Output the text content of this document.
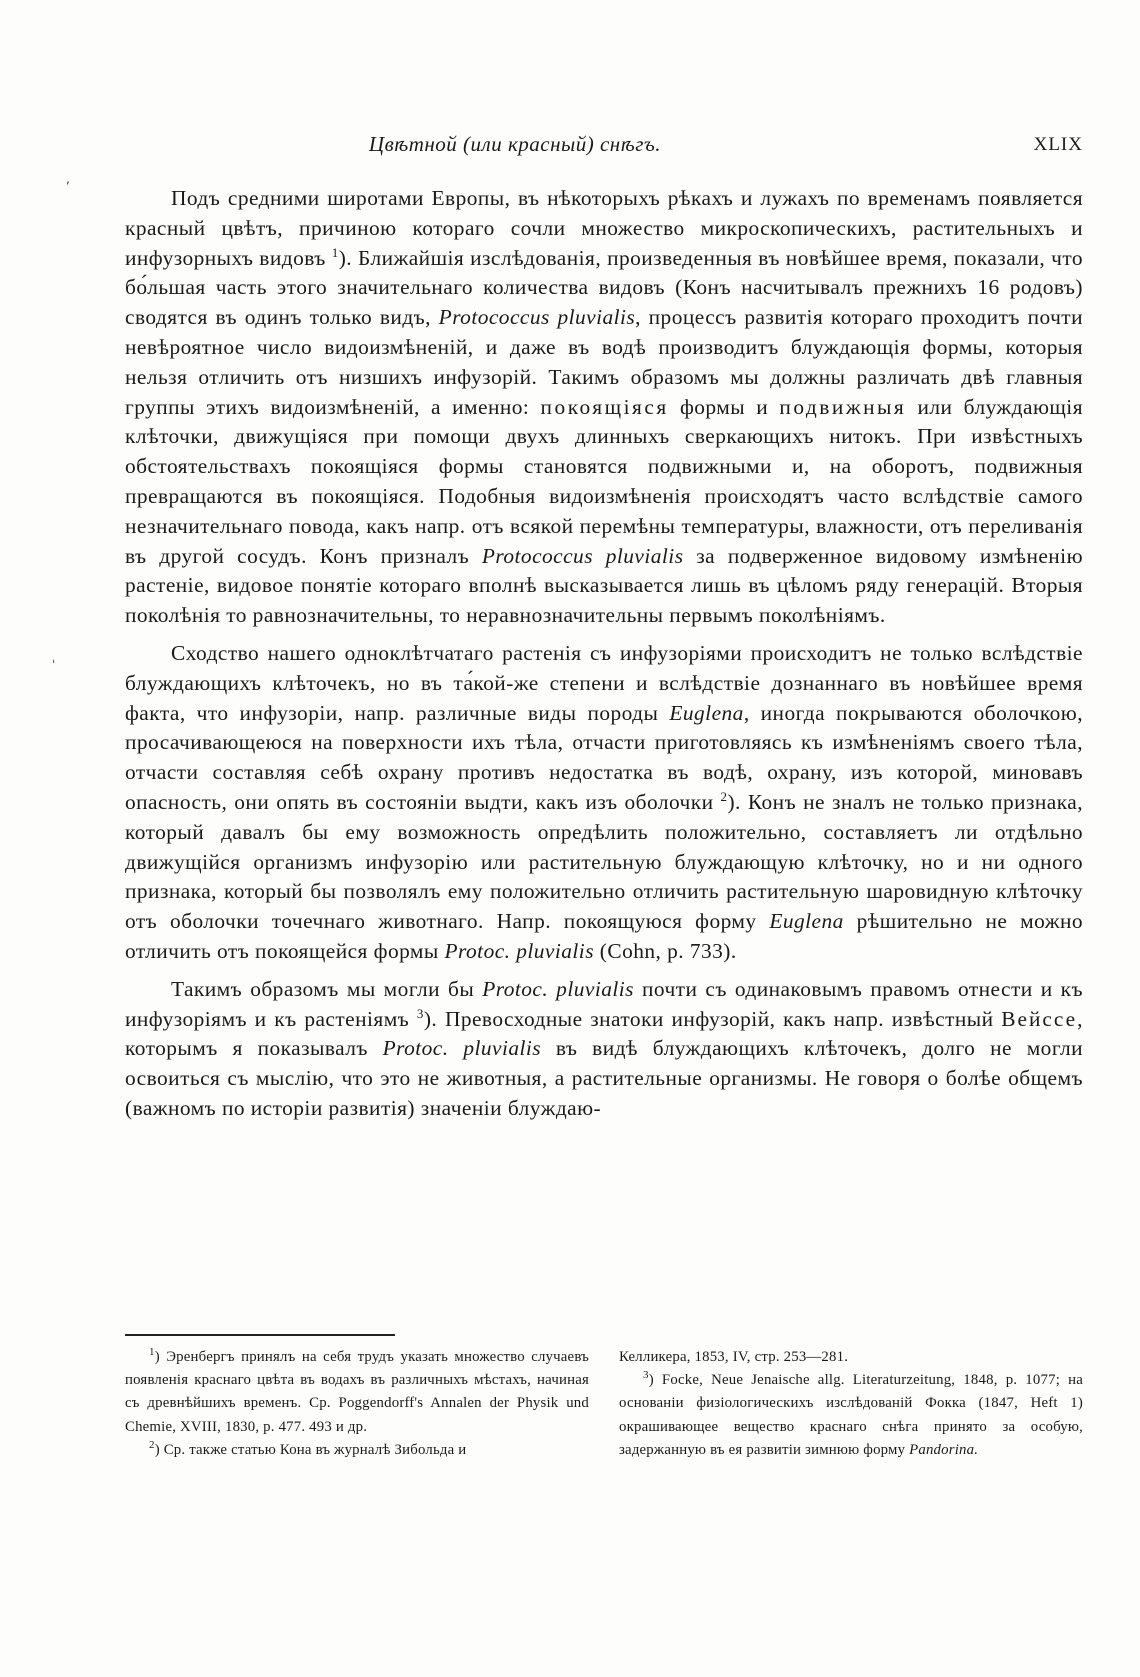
,
ˈ
Цвѣтной (или красный) снѣгъ.	XLIX

Подъ средними широтами Европы, въ нѣкоторыхъ рѣкахъ и лужахъ по временамъ появляется красный цвѣтъ, причиною котораго сочли множество микроскопическихъ, растительныхъ и инфузорныхъ видовъ $^1$). Ближайшія изслѣдованія, произведенныя въ новѣйшее время, показали, что бо́льшая часть этого значительнаго количества видовъ (Конъ насчитывалъ прежнихъ 16 родовъ) сводятся въ одинъ только видъ, Protococcus pluvialis, процессъ развитія котораго проходитъ почти невѣроятное число видоизмѣненій, и даже въ водѣ производитъ блуждающія формы, которыя нельзя отличить отъ низшихъ инфузорій. Такимъ образомъ мы должны различать двѣ главныя группы этихъ видоизмѣненій, а именно: покоящіяся формы и подвижныя или блуждающія клѣточки, движущіяся при помощи двухъ длинныхъ сверкающихъ нитокъ. При извѣстныхъ обстоятельствахъ покоящіяся формы становятся подвижными и, на оборотъ, подвижныя превращаются въ покоящіяся. Подобныя видоизмѣненія происходятъ часто вслѣдствіе самого незначительнаго повода, какъ напр. отъ всякой перемѣны температуры, влажности, отъ переливанія въ другой сосудъ. Конъ призналъ Protococcus pluvialis за подверженное видовому измѣненію растеніе, видовое понятіе котораго вполнѣ высказывается лишь въ цѣломъ ряду генерацій. Вторыя поколѣнія то равнозначительны, то неравнозначительны первымъ поколѣніямъ.

Сходство нашего одноклѣтчатаго растенія съ инфузоріями происходитъ не только вслѣдствіе блуждающихъ клѣточекъ, но въ та́кой-же степени и вслѣдствіе дознаннаго въ новѣйшее время факта, что инфузоріи, напр. различные виды породы Euglena, иногда покрываются оболочкою, просачивающеюся на поверхности ихъ тѣла, отчасти приготовляясь къ измѣненіямъ своего тѣла, отчасти составляя себѣ охрану противъ недостатка въ водѣ, охрану, изъ которой, миновавъ опасность, они опять въ состояніи выдти, какъ изъ оболочки $^2$). Конъ не зналъ не только признака, который давалъ бы ему возможность опредѣлить положительно, составляетъ ли отдѣльно движущійся организмъ инфузорію или растительную блуждающую клѣточку, но и ни одного признака, который бы позволялъ ему положительно отличить растительную шаровидную клѣточку отъ оболочки точечнаго животнаго. Напр. покоящуюся форму Euglena рѣшительно не можно отличить отъ покоящейся формы Protoc. pluvialis (Cohn, p. 733).

Такимъ образомъ мы могли бы Protoc. pluvialis почти съ одинаковымъ правомъ отнести и къ инфузоріямъ и къ растеніямъ $^3$). Превосходные знатоки инфузорій, какъ напр. извѣстный Вейссе, которымъ я показывалъ Protoc. pluvialis въ видѣ блуждающихъ клѣточекъ, долго не могли освоиться съ мыслію, что это не животныя, а растительные организмы. Не говоря о болѣе общемъ (важномъ по исторіи развитія) значеніи блуждаю-

$^1$) Эренбергъ принялъ на себя трудъ указать множество случаевъ появленія краснаго цвѣта въ водахъ въ различныхъ мѣстахъ, начиная съ древнѣйшихъ временъ. Cp. Poggendorff's Annalen der Physik und Chemie, XVIII, 1830, p. 477. 493 и др.

$^2$) Ср. также статью Кона въ журналѣ Зибольда и

Келликера, 1853, IV, стр. 253—281.

$^3$) Focke, Neue Jenaische allg. Literaturzeitung, 1848, p. 1077; на основаніи физіологическихъ изслѣдованій Фокка (1847, Heft 1) окрашивающее вещество краснаго снѣга принято за особую, задержанную въ ея развитіи зимнюю форму Pandorina.
